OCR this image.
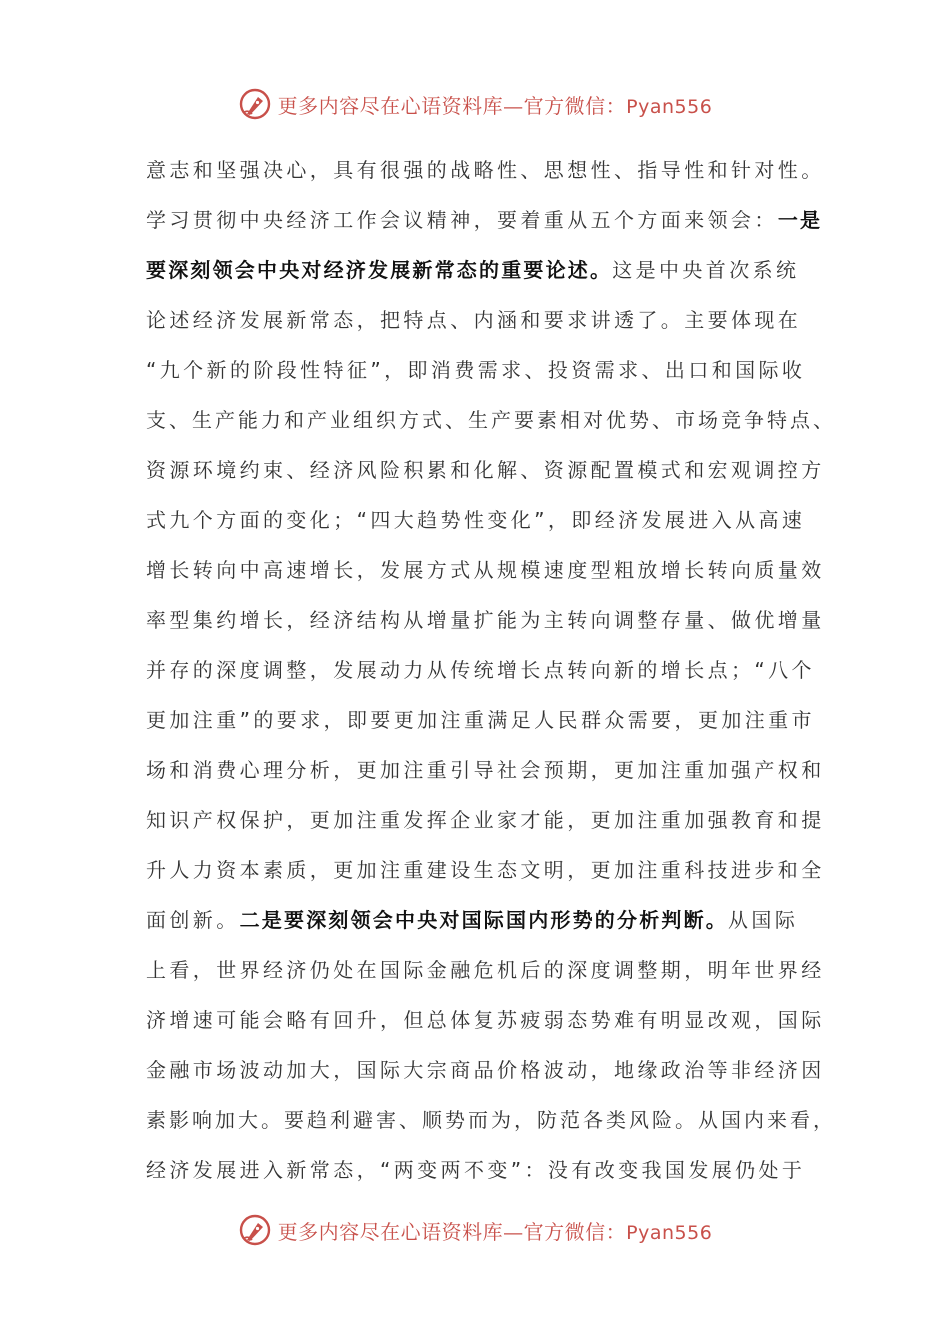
更多内容尽在心语资料库—官方微信：Pyan556
意志和坚强决心，具有很强的战略性、思想性、指导性和针对性。
学习贯彻中央经济工作会议精神，要着重从五个方面来领会：一是
要深刻领会中央对经济发展新常态的重要论述。这是中央首次系统
论述经济发展新常态，把特点、内涵和要求讲透了。主要体现在
“九个新的阶段性特征”，即消费需求、投资需求、出口和国际收
支、生产能力和产业组织方式、生产要素相对优势、市场竞争特点、
资源环境约束、经济风险积累和化解、资源配置模式和宏观调控方
式九个方面的变化；“四大趋势性变化”，即经济发展进入从高速
增长转向中高速增长，发展方式从规模速度型粗放增长转向质量效
率型集约增长，经济结构从增量扩能为主转向调整存量、做优增量
并存的深度调整，发展动力从传统增长点转向新的增长点；“八个
更加注重”的要求，即要更加注重满足人民群众需要，更加注重市
场和消费心理分析，更加注重引导社会预期，更加注重加强产权和
知识产权保护，更加注重发挥企业家才能，更加注重加强教育和提
升人力资本素质，更加注重建设生态文明，更加注重科技进步和全
面创新。二是要深刻领会中央对国际国内形势的分析判断。从国际
上看，世界经济仍处在国际金融危机后的深度调整期，明年世界经
济增速可能会略有回升，但总体复苏疲弱态势难有明显改观，国际
金融市场波动加大，国际大宗商品价格波动，地缘政治等非经济因
素影响加大。要趋利避害、顺势而为，防范各类风险。从国内来看，
经济发展进入新常态，“两变两不变”：没有改变我国发展仍处于
更多内容尽在心语资料库—官方微信：Pyan556
